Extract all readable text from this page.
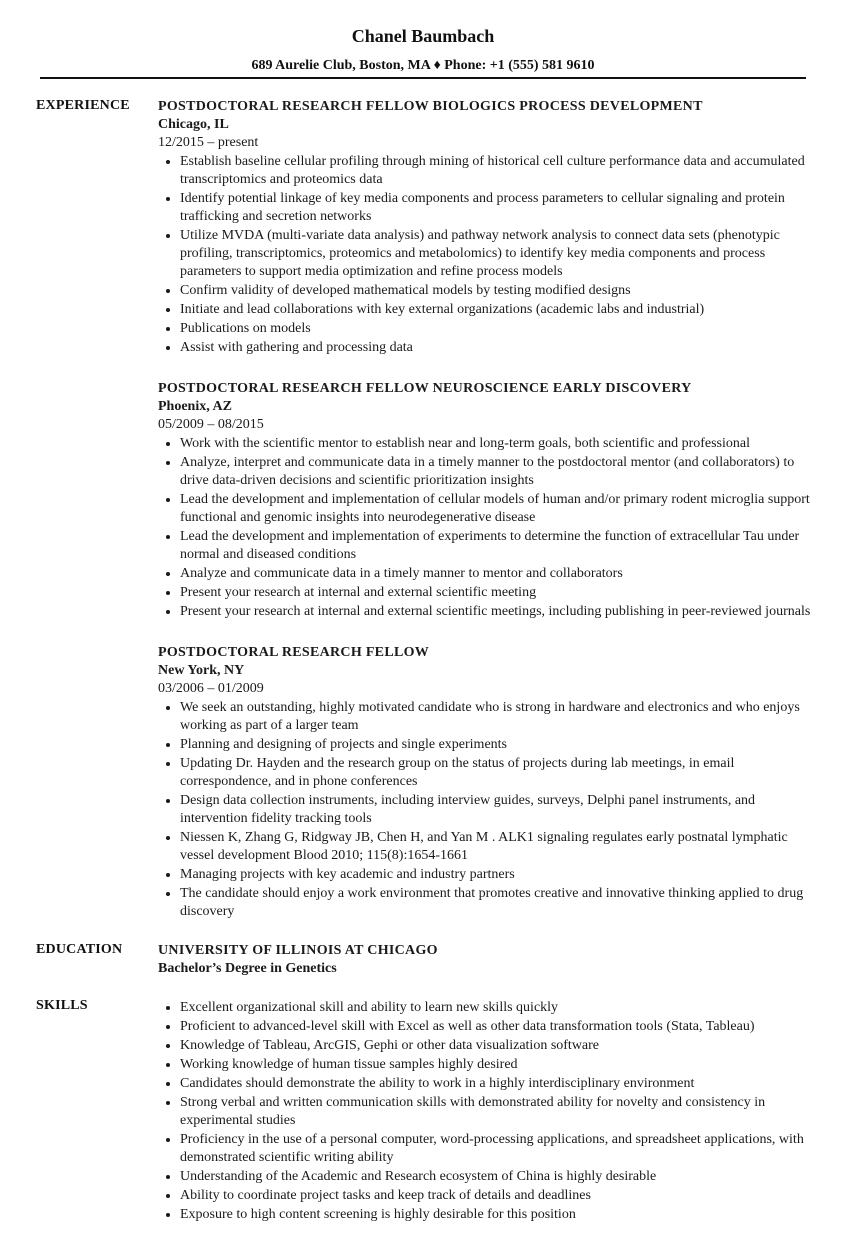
Chanel Baumbach
689 Aurelie Club, Boston, MA ♦ Phone: +1 (555) 581 9610
EXPERIENCE POSTDOCTORAL RESEARCH FELLOW BIOLOGICS PROCESS DEVELOPMENT
Chicago, IL
12/2015 – present
• Establish baseline cellular profiling through mining of historical cell culture performance data and accumulated transcriptomics and proteomics data
• Identify potential linkage of key media components and process parameters to cellular signaling and protein trafficking and secretion networks
• Utilize MVDA (multi-variate data analysis) and pathway network analysis to connect data sets (phenotypic profiling, transcriptomics, proteomics and metabolomics) to identify key media components and process parameters to support media optimization and refine process models
• Confirm validity of developed mathematical models by testing modified designs
• Initiate and lead collaborations with key external organizations (academic labs and industrial)
• Publications on models
• Assist with gathering and processing data
POSTDOCTORAL RESEARCH FELLOW NEUROSCIENCE EARLY DISCOVERY
Phoenix, AZ
05/2009 – 08/2015
• Work with the scientific mentor to establish near and long-term goals, both scientific and professional
• Analyze, interpret and communicate data in a timely manner to the postdoctoral mentor (and collaborators) to drive data-driven decisions and scientific prioritization insights
• Lead the development and implementation of cellular models of human and/or primary rodent microglia support functional and genomic insights into neurodegenerative disease
• Lead the development and implementation of experiments to determine the function of extracellular Tau under normal and diseased conditions
• Analyze and communicate data in a timely manner to mentor and collaborators
• Present your research at internal and external scientific meeting
• Present your research at internal and external scientific meetings, including publishing in peer-reviewed journals
POSTDOCTORAL RESEARCH FELLOW
New York, NY
03/2006 – 01/2009
• We seek an outstanding, highly motivated candidate who is strong in hardware and electronics and who enjoys working as part of a larger team
• Planning and designing of projects and single experiments
• Updating Dr. Hayden and the research group on the status of projects during lab meetings, in email correspondence, and in phone conferences
• Design data collection instruments, including interview guides, surveys, Delphi panel instruments, and intervention fidelity tracking tools
• Niessen K, Zhang G, Ridgway JB, Chen H, and Yan M . ALK1 signaling regulates early postnatal lymphatic vessel development Blood 2010; 115(8):1654-1661
• Managing projects with key academic and industry partners
• The candidate should enjoy a work environment that promotes creative and innovative thinking applied to drug discovery
EDUCATION	UNIVERSITY OF ILLINOIS AT CHICAGO
Bachelor’s Degree in Genetics
SKILLS
•	Excellent organizational skill and ability to learn new skills quickly
• Proficient to advanced-level skill with Excel as well as other data transformation tools (Stata, Tableau)
• Knowledge of Tableau, ArcGIS, Gephi or other data visualization software
• Working knowledge of human tissue samples highly desired
• Candidates should demonstrate the ability to work in a highly interdisciplinary environment
• Strong verbal and written communication skills with demonstrated ability for novelty and consistency in experimental studies
• Proficiency in the use of a personal computer, word-processing applications, and spreadsheet applications, with demonstrated scientific writing ability
• Understanding of the Academic and Research ecosystem of China is highly desirable
• Ability to coordinate project tasks and keep track of details and deadlines
• Exposure to high content screening is highly desirable for this position
